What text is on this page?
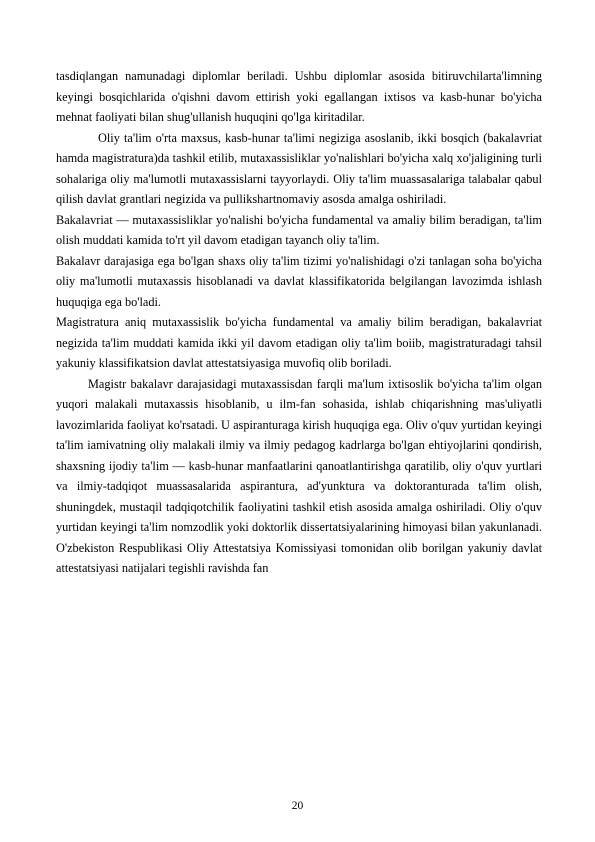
tasdiqlangan namunadagi diplomlar beriladi. Ushbu diplomlar asosida bitiruvchilarta'limning keyingi bosqichlarida o'qishni davom ettirish yoki egallangan ixtisos va kasb-hunar bo'yicha mehnat faoliyati bilan shug'ullanish huquqini qo'lga kiritadilar.

Oliy ta'lim o'rta maxsus, kasb-hunar ta'limi negiziga asoslanib, ikki bosqich (bakalavriat hamda magistratura)da tashkil etilib, mutaxassisliklar yo'nalishlari bo'yicha xalq xo'jaligining turli sohalariga oliy ma'lumotli mutaxassislarni tayyorlaydi. Oliy ta'lim muassasalariga talabalar qabul qilish davlat grantlari negizida va pullikshartnomaviy asosda amalga oshiriladi.

Bakalavriat — mutaxassisliklar yo'nalishi bo'yicha fundamental va amaliy bilim beradigan, ta'lim olish muddati kamida to'rt yil davom etadigan tayanch oliy ta'lim.

Bakalavr darajasiga ega bo'lgan shaxs oliy ta'lim tizimi yo'nalishidagi o'zi tanlagan soha bo'yicha oliy ma'lumotli mutaxassis hisoblanadi va davlat klassifikatorida belgilangan lavozimda ishlash huquqiga ega bo'ladi.

Magistratura aniq mutaxassislik bo'yicha fundamental va amaliy bilim beradigan, bakalavriat negizida ta'lim muddati kamida ikki yil davom etadigan oliy ta'lim boiib, magistraturadagi tahsil yakuniy klassifikatsion davlat attestatsiyasiga muvofiq olib boriladi.

Magistr bakalavr darajasidagi mutaxassisdan farqli ma'lum ixtisoslik bo'yicha ta'lim olgan yuqori malakali mutaxassis hisoblanib, u ilm-fan sohasida, ishlab chiqarishning mas'uliyatli lavozimlarida faoliyat ko'rsatadi. U aspiranturaga kirish huquqiga ega. Oliv o'quv yurtidan keyingi ta'lim iamivatning oliy malakali ilmiy va ilmiy pedagog kadrlarga bo'lgan ehtiyojlarini qondirish, shaxsning ijodiy ta'lim — kasb-hunar manfaatlarini qanoatlantirishga qaratilib, oliy o'quv yurtlari va ilmiy-tadqiqot muassasalarida aspirantura, ad'yunktura va doktoranturada ta'lim olish, shuningdek, mustaqil tadqiqotchilik faoliyatini tashkil etish asosida amalga oshiriladi. Oliy o'quv yurtidan keyingi ta'lim nomzodlik yoki doktorlik dissertatsiyalarining himoyasi bilan yakunlanadi. O'zbekiston Respublikasi Oliy Attestatsiya Komissiyasi tomonidan olib borilgan yakuniy davlat attestatsiyasi natijalari tegishli ravishda fan

20
